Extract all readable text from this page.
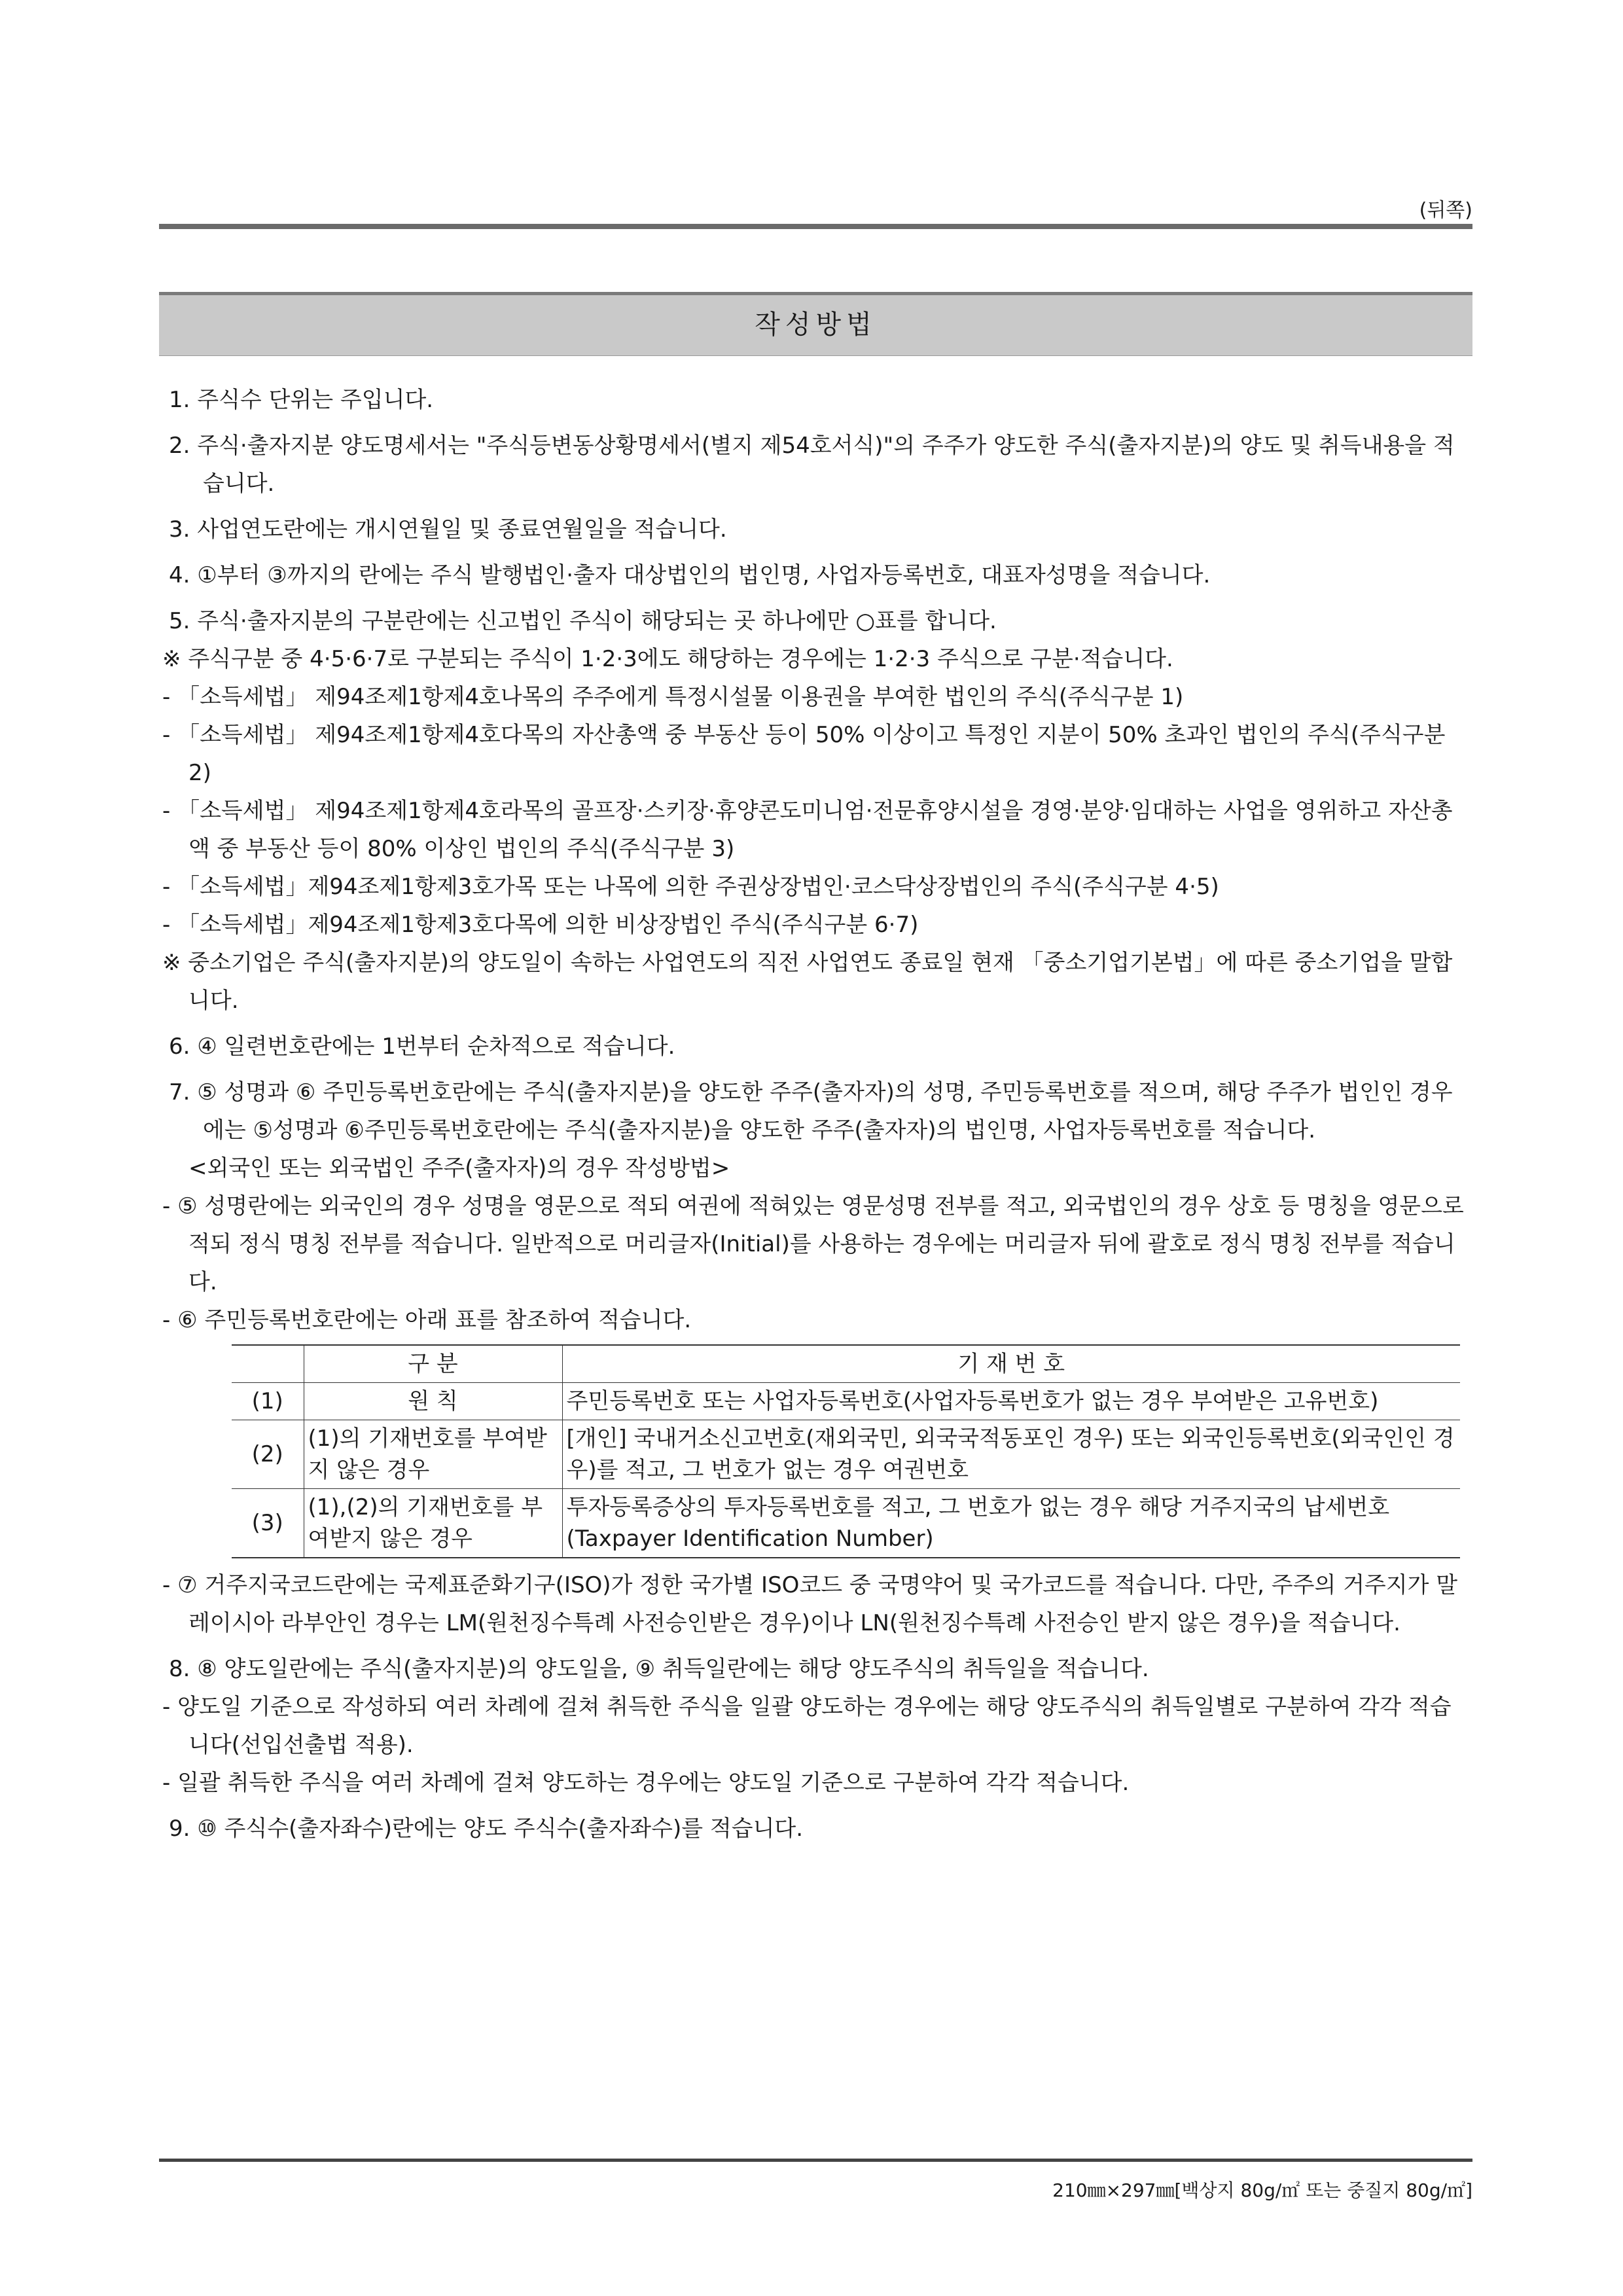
(뒤쪽)
작성방법
1. 주식수 단위는 주입니다.
2. 주식·출자지분 양도명세서는 "주식등변동상황명세서(별지 제54호서식)"의 주주가 양도한 주식(출자지분)의 양도 및 취득내용을 적습니다.
3. 사업연도란에는 개시연월일 및 종료연월일을 적습니다.
4. ①부터 ③까지의 란에는 주식 발행법인·출자 대상법인의 법인명, 사업자등록번호, 대표자성명을 적습니다.
5. 주식·출자지분의 구분란에는 신고법인 주식이 해당되는 곳 하나에만 ○표를 합니다.
※ 주식구분 중 4·5·6·7로 구분되는 주식이 1·2·3에도 해당하는 경우에는 1·2·3 주식으로 구분·적습니다.
- 「소득세법」 제94조제1항제4호나목의 주주에게 특정시설물 이용권을 부여한 법인의 주식(주식구분 1)
- 「소득세법」 제94조제1항제4호다목의 자산총액 중 부동산 등이 50% 이상이고 특정인 지분이 50% 초과인 법인의 주식(주식구분 2)
- 「소득세법」 제94조제1항제4호라목의 골프장·스키장·휴양콘도미니엄·전문휴양시설을 경영·분양·임대하는 사업을 영위하고 자산총액 중 부동산 등이 80% 이상인 법인의 주식(주식구분 3)
- 「소득세법」제94조제1항제3호가목 또는 나목에 의한 주권상장법인·코스닥상장법인의 주식(주식구분 4·5)
- 「소득세법」제94조제1항제3호다목에 의한 비상장법인 주식(주식구분 6·7)
※ 중소기업은 주식(출자지분)의 양도일이 속하는 사업연도의 직전 사업연도 종료일 현재 「중소기업기본법」에 따른 중소기업을 말합니다.
6. ④ 일련번호란에는 1번부터 순차적으로 적습니다.
7. ⑤ 성명과 ⑥ 주민등록번호란에는 주식(출자지분)을 양도한 주주(출자자)의 성명, 주민등록번호를 적으며, 해당 주주가 법인인 경우에는 ⑤성명과 ⑥주민등록번호란에는 주식(출자지분)을 양도한 주주(출자자)의 법인명, 사업자등록번호를 적습니다.
<외국인 또는 외국법인 주주(출자자)의 경우 작성방법>
- ⑤ 성명란에는 외국인의 경우 성명을 영문으로 적되 여권에 적혀있는 영문성명 전부를 적고, 외국법인의 경우 상호 등 명칭을 영문으로 적되 정식 명칭 전부를 적습니다. 일반적으로 머리글자(Initial)를 사용하는 경우에는 머리글자 뒤에 괄호로 정식 명칭 전부를 적습니다.
- ⑥ 주민등록번호란에는 아래 표를 참조하여 적습니다.
	구 분	기 재 번 호
(1)	원 칙	주민등록번호 또는 사업자등록번호(사업자등록번호가 없는 경우 부여받은 고유번호)
(2)	(1)의 기재번호를 부여받지 않은 경우	[개인] 국내거소신고번호(재외국민, 외국국적동포인 경우) 또는 외국인등록번호(외국인인 경우)를 적고, 그 번호가 없는 경우 여권번호
(3)	(1),(2)의 기재번호를 부여받지 않은 경우	투자등록증상의 투자등록번호를 적고, 그 번호가 없는 경우 해당 거주지국의 납세번호(Taxpayer Identification Number)
- ⑦ 거주지국코드란에는 국제표준화기구(ISO)가 정한 국가별 ISO코드 중 국명약어 및 국가코드를 적습니다. 다만, 주주의 거주지가 말레이시아 라부안인 경우는 LM(원천징수특례 사전승인받은 경우)이나 LN(원천징수특례 사전승인 받지 않은 경우)을 적습니다.
8. ⑧ 양도일란에는 주식(출자지분)의 양도일을, ⑨ 취득일란에는 해당 양도주식의 취득일을 적습니다.
- 양도일 기준으로 작성하되 여러 차례에 걸쳐 취득한 주식을 일괄 양도하는 경우에는 해당 양도주식의 취득일별로 구분하여 각각 적습니다(선입선출법 적용).
- 일괄 취득한 주식을 여러 차례에 걸쳐 양도하는 경우에는 양도일 기준으로 구분하여 각각 적습니다.
9. ⑩ 주식수(출자좌수)란에는 양도 주식수(출자좌수)를 적습니다.
210㎜×297㎜[백상지 80g/㎡ 또는 중질지 80g/㎡]
